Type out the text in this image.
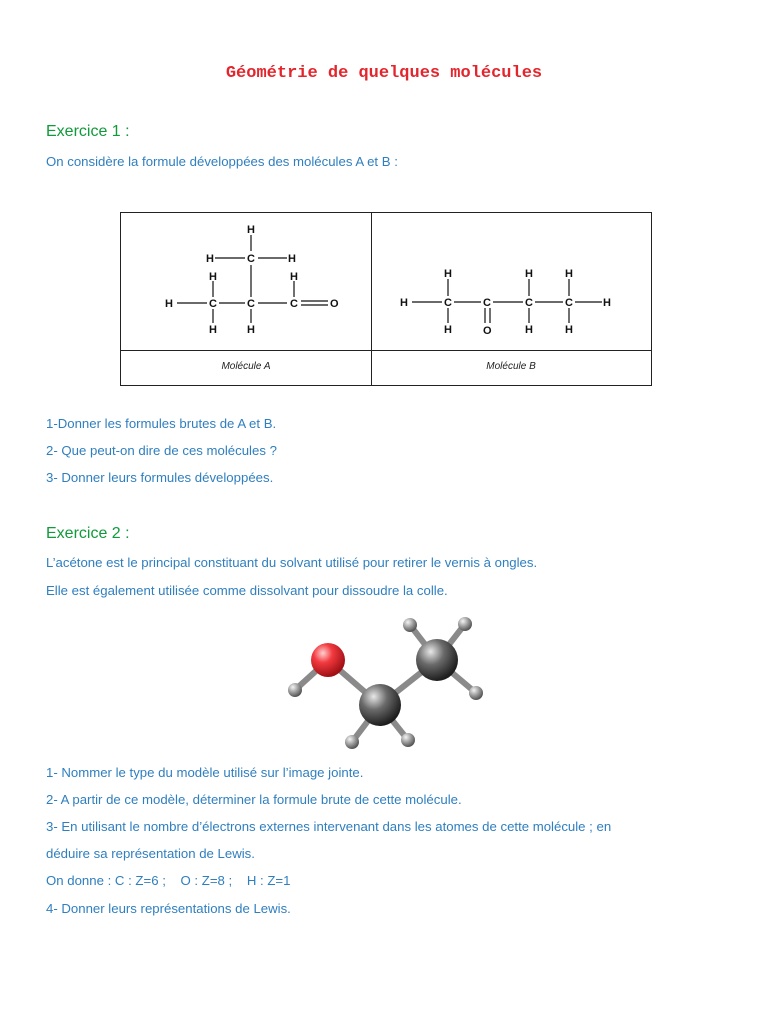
Géométrie de quelques molécules
Exercice 1 :
On considère la formule développées des molécules A et B :
H
H	C	H
H	H
H	C	C	C	O
H	H
H	H	H
H	C	C	C	C	H
H	O	H	H
Molécule A	Molécule B
1-Donner les formules brutes de A et B.
2- Que peut-on dire de ces molécules ?
3- Donner leurs formules développées.
Exercice 2 :
L’acétone est le principal constituant du solvant utilisé pour retirer le vernis à ongles.
Elle est également utilisée comme dissolvant pour dissoudre la colle.
1- Nommer le type du modèle utilisé sur l’image jointe.
2- A partir de ce modèle, déterminer la formule brute de cette molécule.
3- En utilisant le nombre d’électrons externes intervenant dans les atomes de cette molécule ; en
déduire sa représentation de Lewis.
On donne : C : Z=6 ;    O : Z=8 ;    H : Z=1
4- Donner leurs représentations de Lewis.
